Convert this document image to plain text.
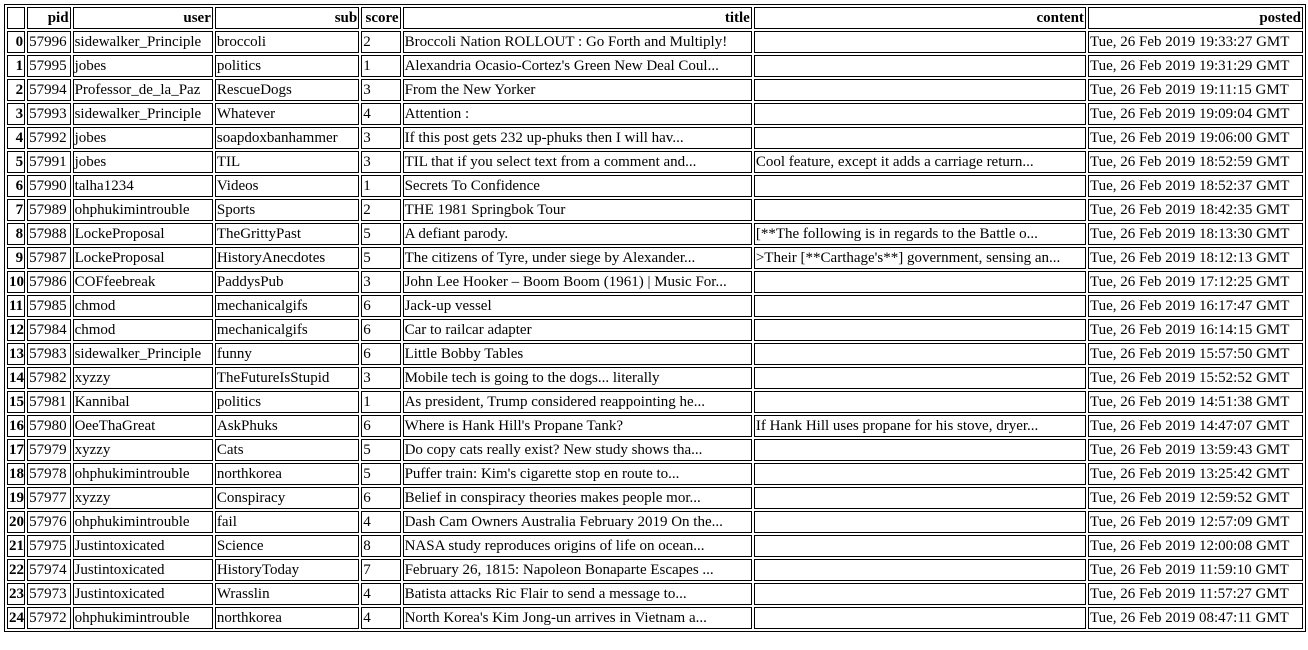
	pid	user	sub	score	title	content	posted
0	57996	sidewalker_Principle	broccoli	2	Broccoli Nation ROLLOUT : Go Forth and Multiply!		Tue, 26 Feb 2019 19:33:27 GMT
1	57995	jobes	politics	1	Alexandria Ocasio-Cortez's Green New Deal Coul...		Tue, 26 Feb 2019 19:31:29 GMT
2	57994	Professor_de_la_Paz	RescueDogs	3	From the New Yorker		Tue, 26 Feb 2019 19:11:15 GMT
3	57993	sidewalker_Principle	Whatever	4	Attention :		Tue, 26 Feb 2019 19:09:04 GMT
4	57992	jobes	soapdoxbanhammer	3	If this post gets 232 up-phuks then I will hav...		Tue, 26 Feb 2019 19:06:00 GMT
5	57991	jobes	TIL	3	TIL that if you select text from a comment and...	Cool feature, except it adds a carriage return...	Tue, 26 Feb 2019 18:52:59 GMT
6	57990	talha1234	Videos	1	Secrets To Confidence		Tue, 26 Feb 2019 18:52:37 GMT
7	57989	ohphukimintrouble	Sports	2	THE 1981 Springbok Tour		Tue, 26 Feb 2019 18:42:35 GMT
8	57988	LockeProposal	TheGrittyPast	5	A defiant parody.	[**The following is in regards to the Battle o...	Tue, 26 Feb 2019 18:13:30 GMT
9	57987	LockeProposal	HistoryAnecdotes	5	The citizens of Tyre, under siege by Alexander...	>Their [**Carthage's**] government, sensing an...	Tue, 26 Feb 2019 18:12:13 GMT
10	57986	COFfeebreak	PaddysPub	3	John Lee Hooker – Boom Boom (1961) | Music For...		Tue, 26 Feb 2019 17:12:25 GMT
11	57985	chmod	mechanicalgifs	6	Jack-up vessel		Tue, 26 Feb 2019 16:17:47 GMT
12	57984	chmod	mechanicalgifs	6	Car to railcar adapter		Tue, 26 Feb 2019 16:14:15 GMT
13	57983	sidewalker_Principle	funny	6	Little Bobby Tables		Tue, 26 Feb 2019 15:57:50 GMT
14	57982	xyzzy	TheFutureIsStupid	3	Mobile tech is going to the dogs... literally		Tue, 26 Feb 2019 15:52:52 GMT
15	57981	Kannibal	politics	1	As president, Trump considered reappointing he...		Tue, 26 Feb 2019 14:51:38 GMT
16	57980	OeeThaGreat	AskPhuks	6	Where is Hank Hill's Propane Tank?	If Hank Hill uses propane for his stove, dryer...	Tue, 26 Feb 2019 14:47:07 GMT
17	57979	xyzzy	Cats	5	Do copy cats really exist? New study shows tha...		Tue, 26 Feb 2019 13:59:43 GMT
18	57978	ohphukimintrouble	northkorea	5	Puffer train: Kim's cigarette stop en route to...		Tue, 26 Feb 2019 13:25:42 GMT
19	57977	xyzzy	Conspiracy	6	Belief in conspiracy theories makes people mor...		Tue, 26 Feb 2019 12:59:52 GMT
20	57976	ohphukimintrouble	fail	4	Dash Cam Owners Australia February 2019 On the...		Tue, 26 Feb 2019 12:57:09 GMT
21	57975	Justintoxicated	Science	8	NASA study reproduces origins of life on ocean...		Tue, 26 Feb 2019 12:00:08 GMT
22	57974	Justintoxicated	HistoryToday	7	February 26, 1815: Napoleon Bonaparte Escapes ...		Tue, 26 Feb 2019 11:59:10 GMT
23	57973	Justintoxicated	Wrasslin	4	Batista attacks Ric Flair to send a message to...		Tue, 26 Feb 2019 11:57:27 GMT
24	57972	ohphukimintrouble	northkorea	4	North Korea's Kim Jong-un arrives in Vietnam a...		Tue, 26 Feb 2019 08:47:11 GMT
